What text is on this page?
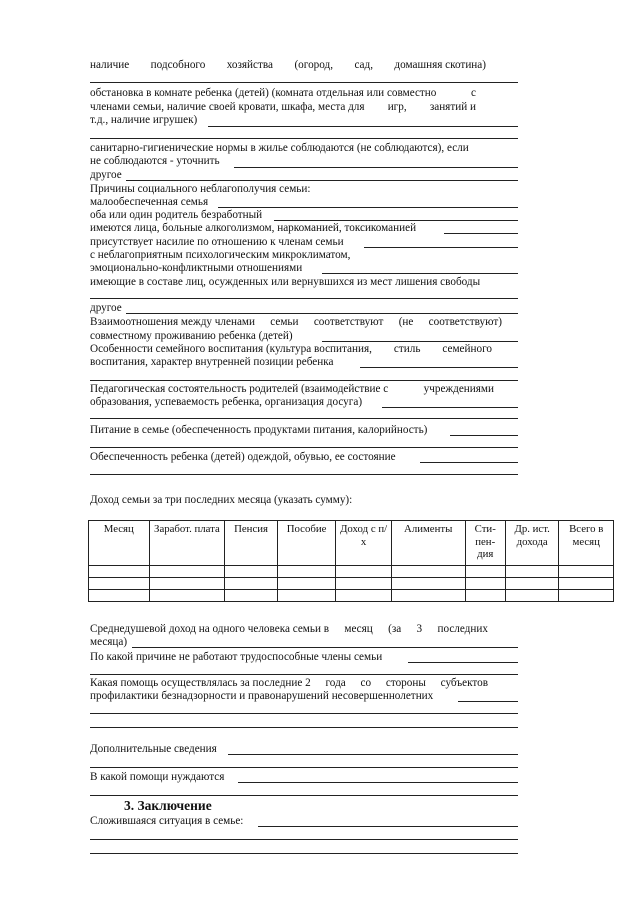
наличие подсобного хозяйства (огород, сад, домашняя скотина)
обстановка в комнате ребенка (детей) (комната отдельная или совместно	с
членами семьи, наличие своей кровати, шкафа, места для игр, занятий и
т.д., наличие игрушек)
санитарно-гигиенические нормы в жилье соблюдаются (не соблюдаются), если
не соблюдаются - уточнить
другое
Причины социального неблагополучия семьи:
малообеспеченная семья
оба или один родитель безработный
имеются лица, больные алкоголизмом, наркоманией, токсикоманией
присутствует насилие по отношению к членам семьи
с неблагоприятным психологическим микроклиматом,
эмоционально-конфликтными отношениями
имеющие в составе лиц, осужденных или вернувшихся из мест лишения свободы
другое
Взаимоотношения между членами семьи соответствуют (не соответствуют)
совместному проживанию ребенка (детей)
Особенности семейного воспитания (культура воспитания, стиль семейного
воспитания, характер внутренней позиции ребенка
Педагогическая состоятельность родителей (взаимодействие с	учреждениями
образования, успеваемость ребенка, организация досуга)
Питание в семье (обеспеченность продуктами питания, калорийность)
Обеспеченность ребенка (детей) одеждой, обувью, ее состояние
Доход семьи за три последних месяца (указать сумму):
Месяц	Заработ. плата	Пенсия	Пособие	Доход с п/х	Алименты	Сти- пен- дия	Др. ист. дохода	Всего в месяц

Среднедушевой доход на одного человека семьи в месяц (за 3 последних
месяца)
По какой причине не работают трудоспособные члены семьи
Какая помощь осуществлялась за последние 2 года со стороны субъектов
профилактики безнадзорности и правонарушений несовершеннолетних
Дополнительные сведения
В какой помощи нуждаются
3. Заключение
Сложившаяся ситуация в семье:
